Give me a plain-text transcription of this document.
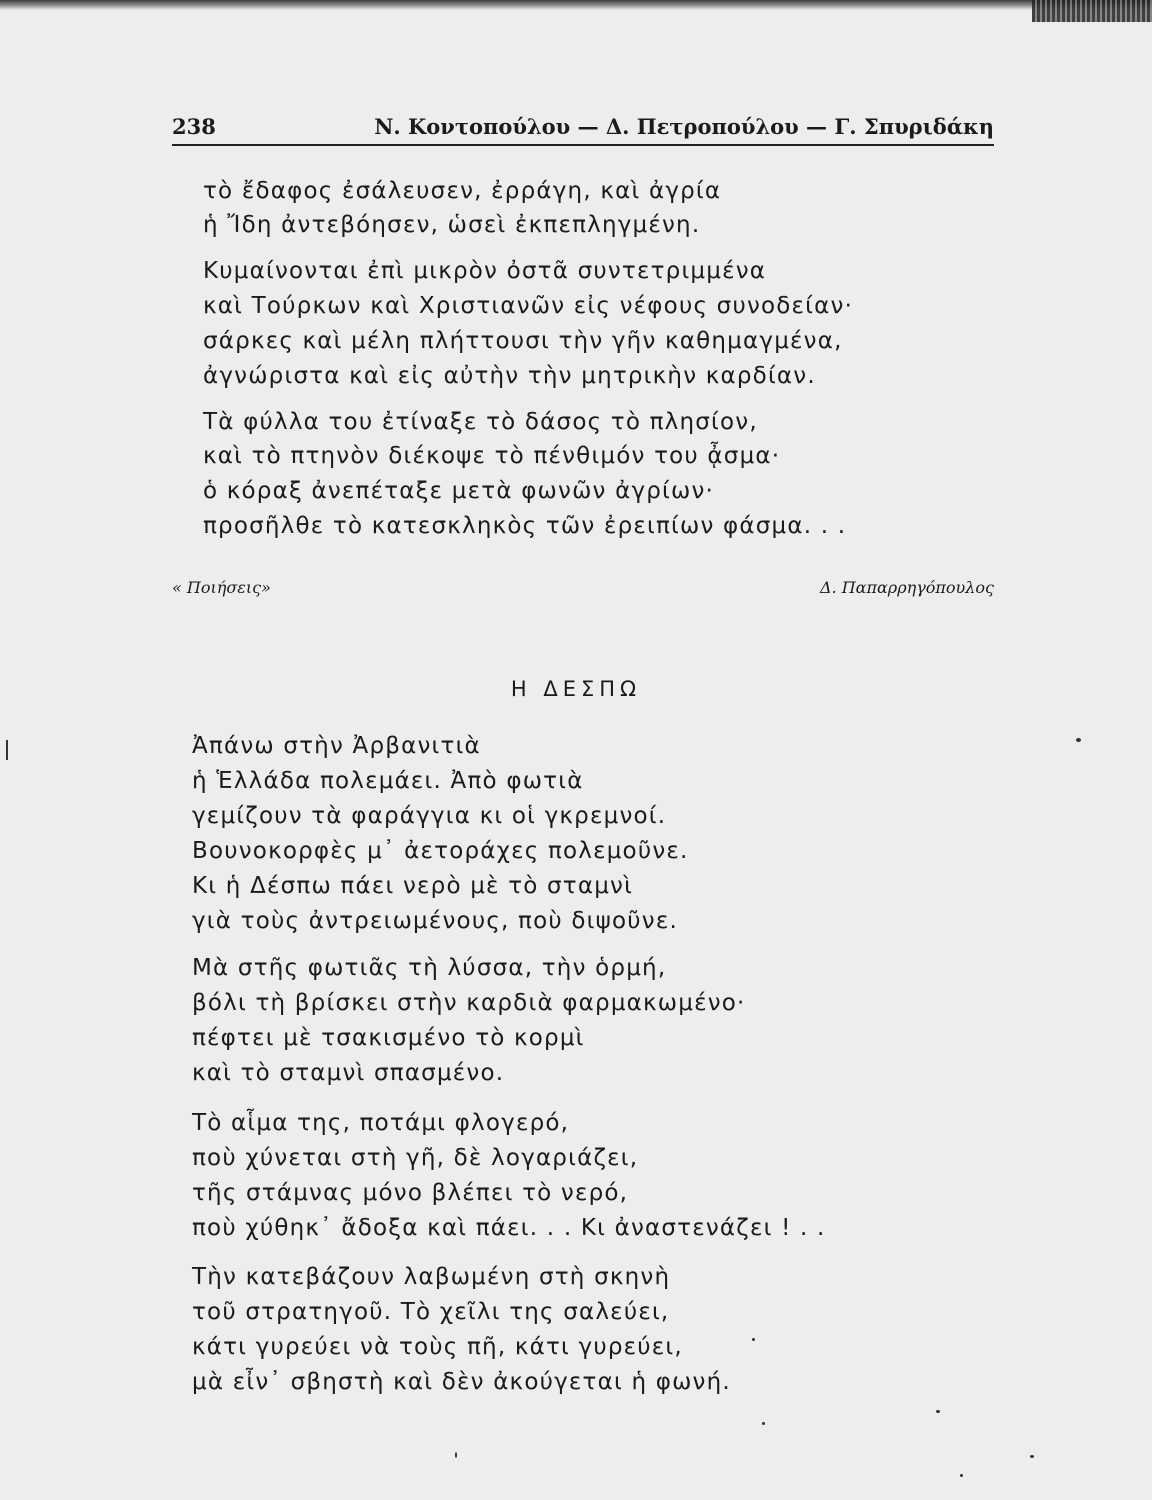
238	Ν. Κοντοπούλου — Δ. Πετροπούλου — Γ. Σπυριδάκη
τὸ ἔδαφος ἐσάλευσεν, ἐρράγη, καὶ ἀγρία
ἡ Ἴδη ἀντεβόησεν, ὡσεὶ ἐκπεπληγμένη.
Κυμαίνονται ἐπὶ μικρὸν ὀστᾶ συντετριμμένα
καὶ Τούρκων καὶ Χριστιανῶν εἰς νέφους συνοδείαν·
σάρκες καὶ μέλη πλήττουσι τὴν γῆν καθημαγμένα,
ἀγνώριστα καὶ εἰς αὐτὴν τὴν μητρικὴν καρδίαν.
Τὰ φύλλα του ἐτίναξε τὸ δάσος τὸ πλησίον,
καὶ τὸ πτηνὸν διέκοψε τὸ πένθιμόν του ᾆσμα·
ὁ κόραξ ἀνεπέταξε μετὰ φωνῶν ἀγρίων·
προσῆλθε τὸ κατεσκληκὸς τῶν ἐρειπίων φάσμα. . .
« Ποιήσεις»	Δ. Παπαρρηγόπουλος
Η ΔΕΣΠΩ
Ἀπάνω στὴν Ἀρβανιτιὰ
ἡ Ἑλλάδα πολεμάει. Ἀπὸ φωτιὰ
γεμίζουν τὰ φαράγγια κι οἱ γκρεμνοί.
Βουνοκορφὲς μ᾿ ἀετοράχες πολεμοῦνε.
Κι ἡ Δέσπω πάει νερὸ μὲ τὸ σταμνὶ
γιὰ τοὺς ἀντρειωμένους, ποὺ διψοῦνε.
Μὰ στῆς φωτιᾶς τὴ λύσσα, τὴν ὁρμή,
βόλι τὴ βρίσκει στὴν καρδιὰ φαρμακωμένο·
πέφτει μὲ τσακισμένο τὸ κορμὶ
καὶ τὸ σταμνὶ σπασμένο.
Τὸ αἷμα της, ποτάμι φλογερό,
ποὺ χύνεται στὴ γῆ, δὲ λογαριάζει,
τῆς στάμνας μόνο βλέπει τὸ νερό,
ποὺ χύθηκ᾿ ἄδοξα καὶ πάει. . . Κι ἀναστενάζει ! . .
Τὴν κατεβάζουν λαβωμένη στὴ σκηνὴ
τοῦ στρατηγοῦ. Τὸ χεῖλι της σαλεύει,
κάτι γυρεύει νὰ τοὺς πῆ, κάτι γυρεύει,
μὰ εἶν᾿ σβηστὴ καὶ δὲν ἀκούγεται ἡ φωνή.
